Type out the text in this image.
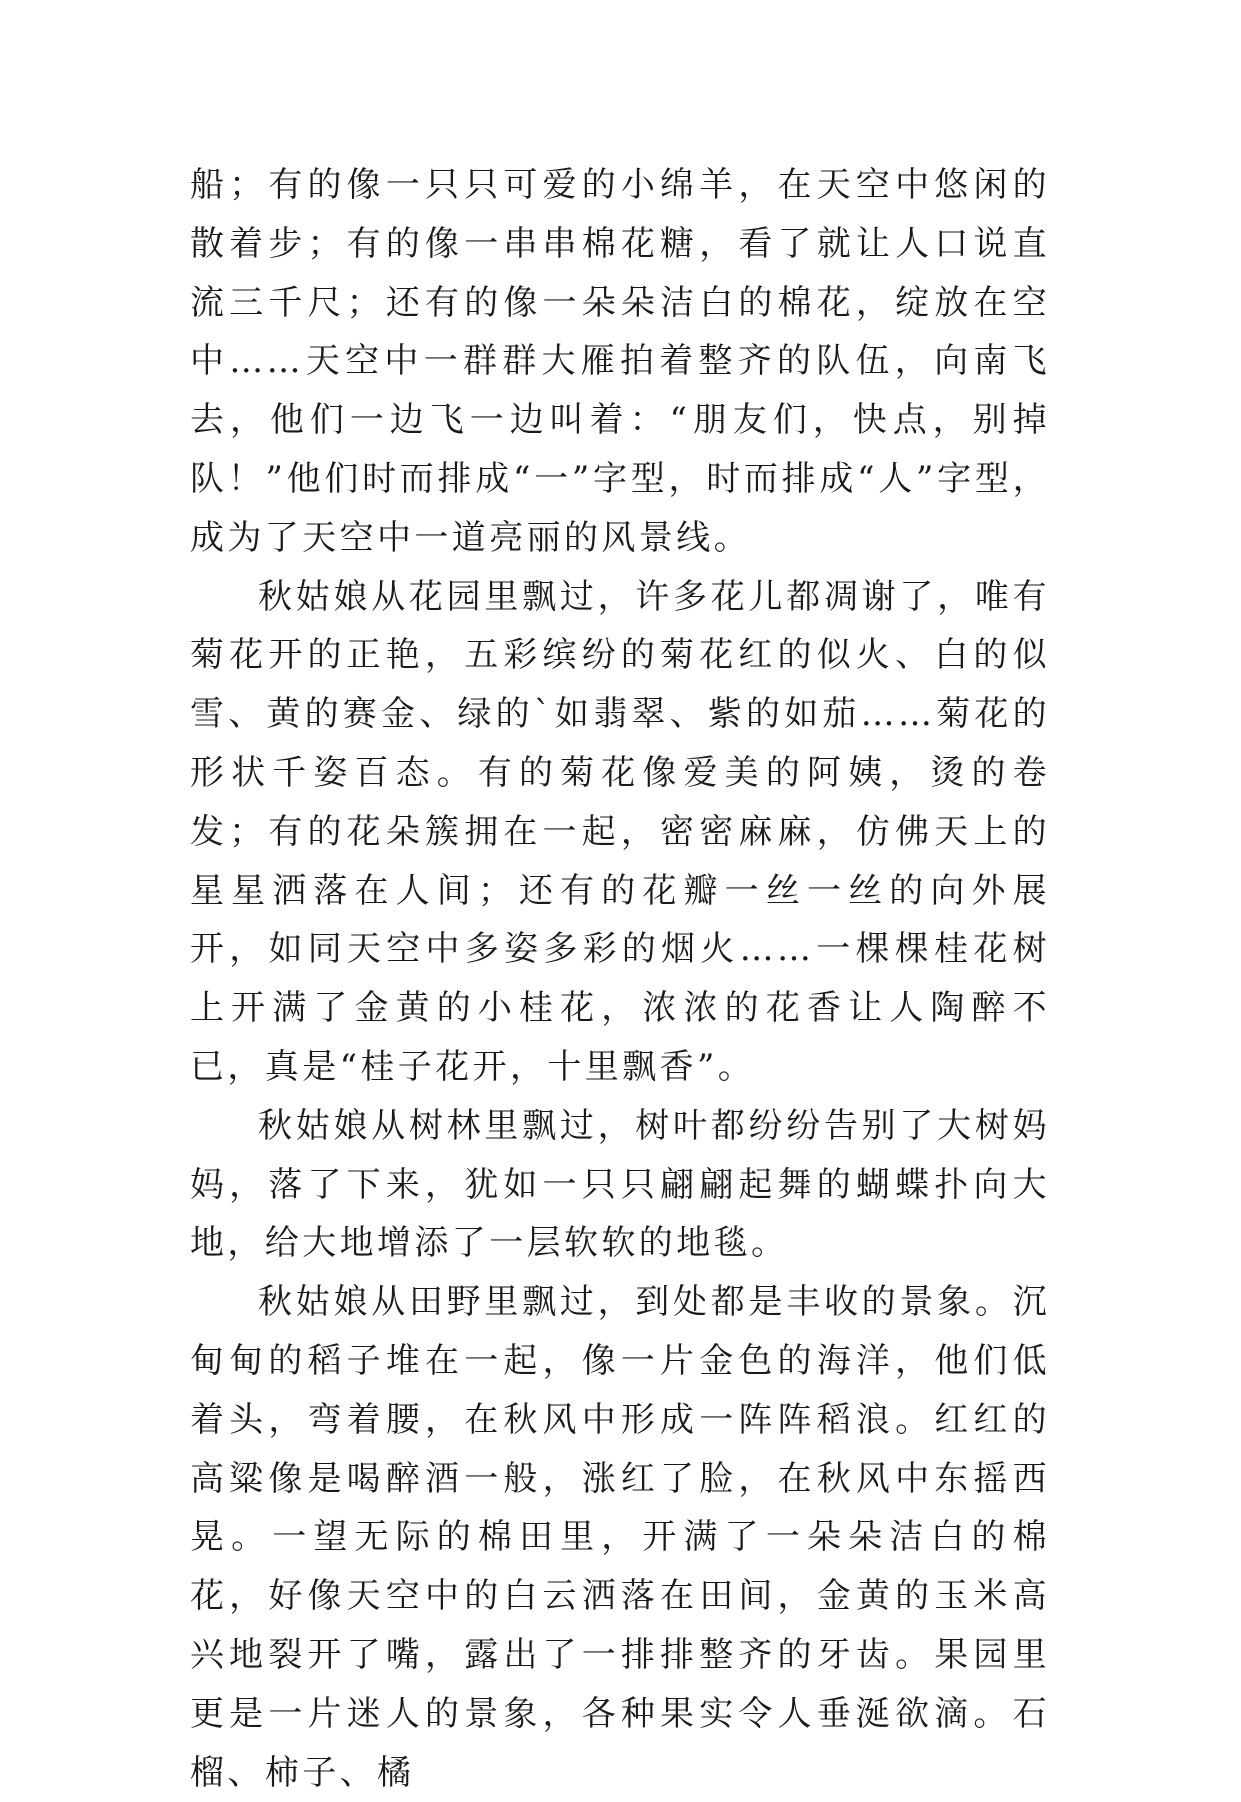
船；有的像一只只可爱的小绵羊，在天空中悠闲的散着步；有的像一串串棉花糖，看了就让人口说直流三千尺；还有的像一朵朵洁白的棉花，绽放在空中……天空中一群群大雁拍着整齐的队伍，向南飞去，他们一边飞一边叫着：“朋友们，快点，别掉队！”他们时而排成“一”字型，时而排成“人”字型，成为了天空中一道亮丽的风景线。

秋姑娘从花园里飘过，许多花儿都凋谢了，唯有菊花开的正艳，五彩缤纷的菊花红的似火、白的似雪、黄的赛金、绿的`如翡翠、紫的如茄……菊花的形状千姿百态。有的菊花像爱美的阿姨，烫的卷发；有的花朵簇拥在一起，密密麻麻，仿佛天上的星星洒落在人间；还有的花瓣一丝一丝的向外展开，如同天空中多姿多彩的烟火……一棵棵桂花树上开满了金黄的小桂花，浓浓的花香让人陶醉不已，真是“桂子花开，十里飘香”。

秋姑娘从树林里飘过，树叶都纷纷告别了大树妈妈，落了下来，犹如一只只翩翩起舞的蝴蝶扑向大地，给大地增添了一层软软的地毯。

秋姑娘从田野里飘过，到处都是丰收的景象。沉甸甸的稻子堆在一起，像一片金色的海洋，他们低着头，弯着腰，在秋风中形成一阵阵稻浪。红红的高粱像是喝醉酒一般，涨红了脸，在秋风中东摇西晃。一望无际的棉田里，开满了一朵朵洁白的棉花，好像天空中的白云洒落在田间，金黄的玉米高兴地裂开了嘴，露出了一排排整齐的牙齿。果园里更是一片迷人的景象，各种果实令人垂涎欲滴。石榴、柿子、橘
